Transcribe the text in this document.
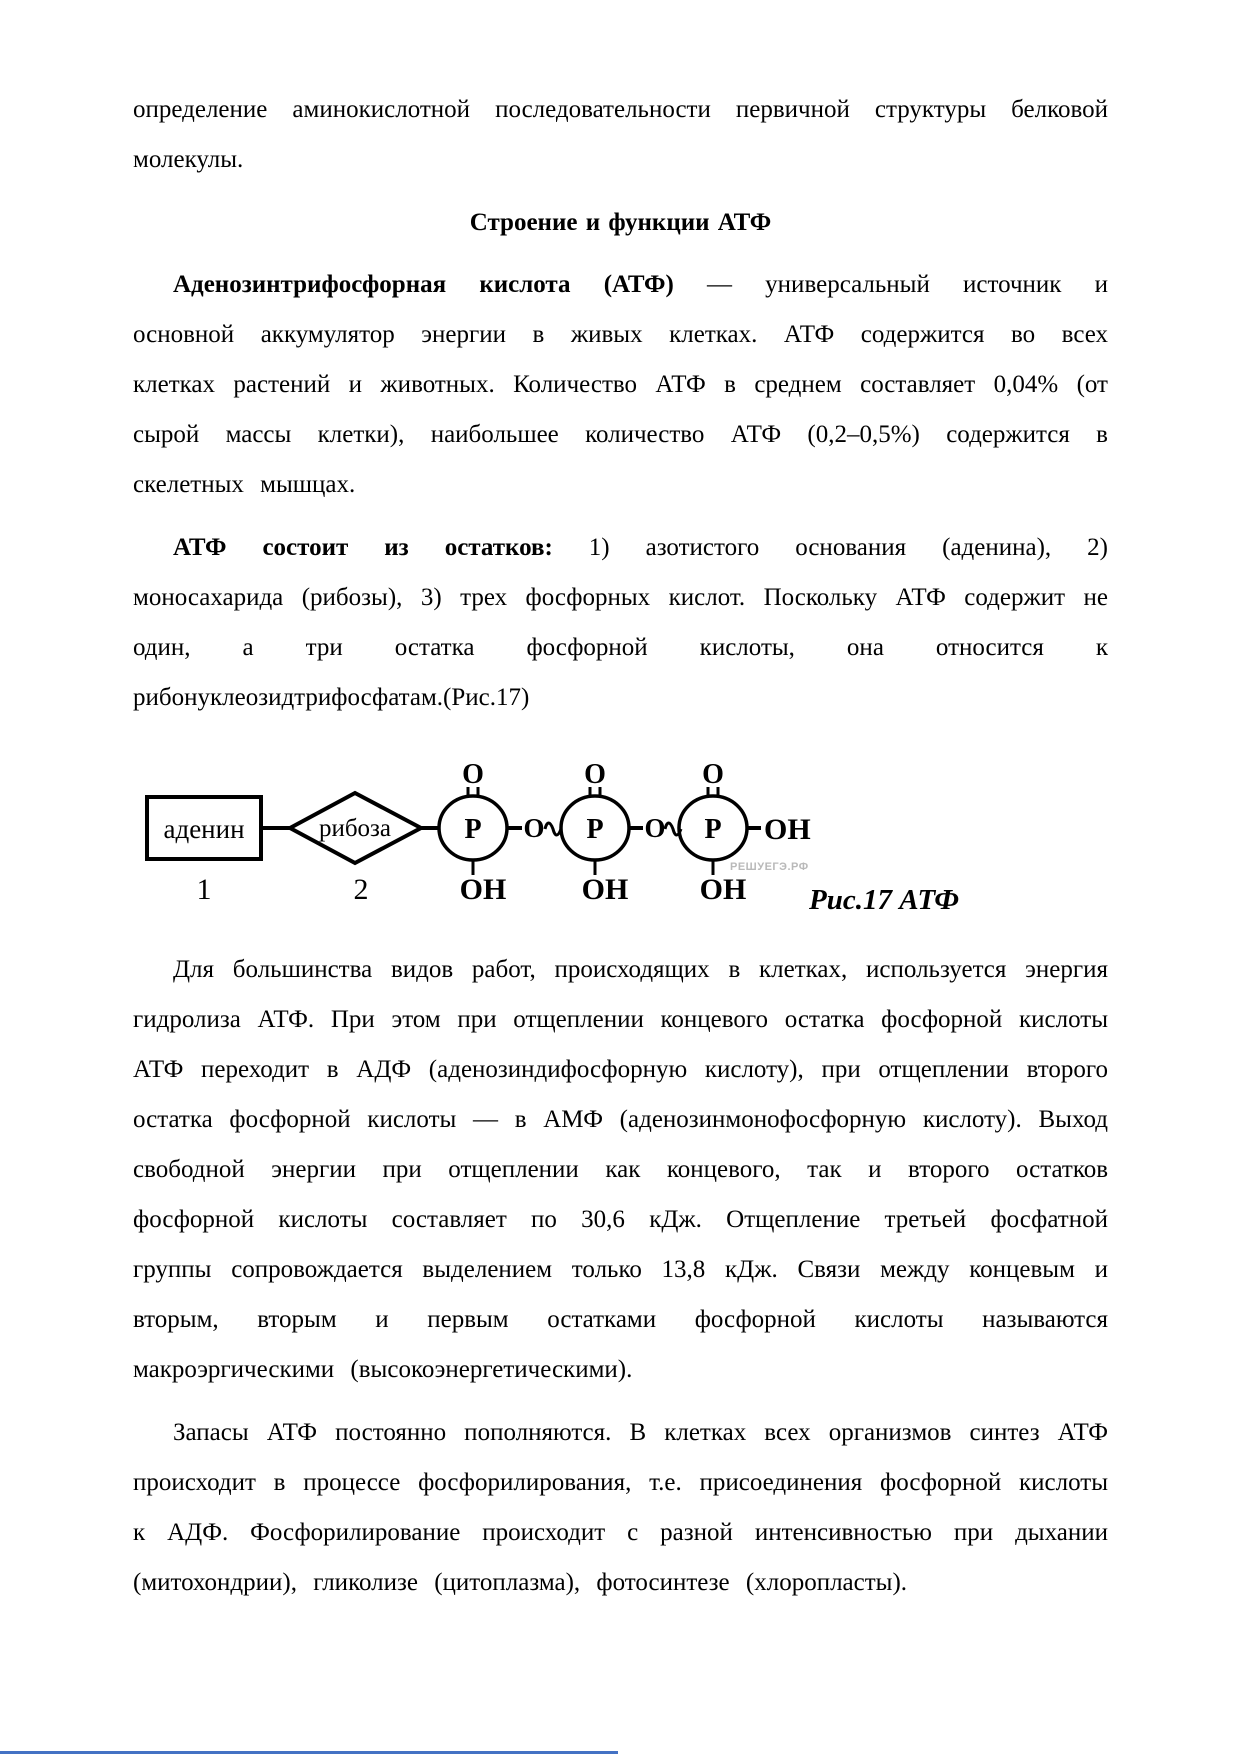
определение аминокислотной последовательности первичной структуры белковой молекулы.

Строение и функции АТФ

Аденозинтрифосфорная кислота (АТФ) — универсальный источник и основной аккумулятор энергии в живых клетках. АТФ содержится во всех клетках растений и животных. Количество АТФ в среднем составляет 0,04% (от сырой массы клетки), наибольшее количество АТФ (0,2–0,5%) содержится в скелетных мышцах.

АТФ состоит из остатков: 1) азотистого основания (аденина), 2) моносахарида (рибозы), 3) трех фосфорных кислот. Поскольку АТФ содержит не один, а три остатка фосфорной кислоты, она относится к рибонуклеозидтрифосфатам.(Рис.17)

аденин
1
рибоза
2
P
O
OH
O P
O
OH
O P
O
OH
OH
РЕШУЕГЭ.РФ
Рис.17 АТФ

Для большинства видов работ, происходящих в клетках, используется энергия гидролиза АТФ. При этом при отщеплении концевого остатка фосфорной кислоты АТФ переходит в АДФ (аденозиндифосфорную кислоту), при отщеплении второго остатка фосфорной кислоты — в АМФ (аденозинмонофосфорную кислоту). Выход свободной энергии при отщеплении как концевого, так и второго остатков фосфорной кислоты составляет по 30,6 кДж. Отщепление третьей фосфатной группы сопровождается выделением только 13,8 кДж. Связи между концевым и вторым, вторым и первым остатками фосфорной кислоты называются макроэргическими (высокоэнергетическими).

Запасы АТФ постоянно пополняются. В клетках всех организмов синтез АТФ происходит в процессе фосфорилирования, т.е. присоединения фосфорной кислоты к АДФ. Фосфорилирование происходит с разной интенсивностью при дыхании (митохондрии), гликолизе (цитоплазма), фотосинтезе (хлоропласты).
